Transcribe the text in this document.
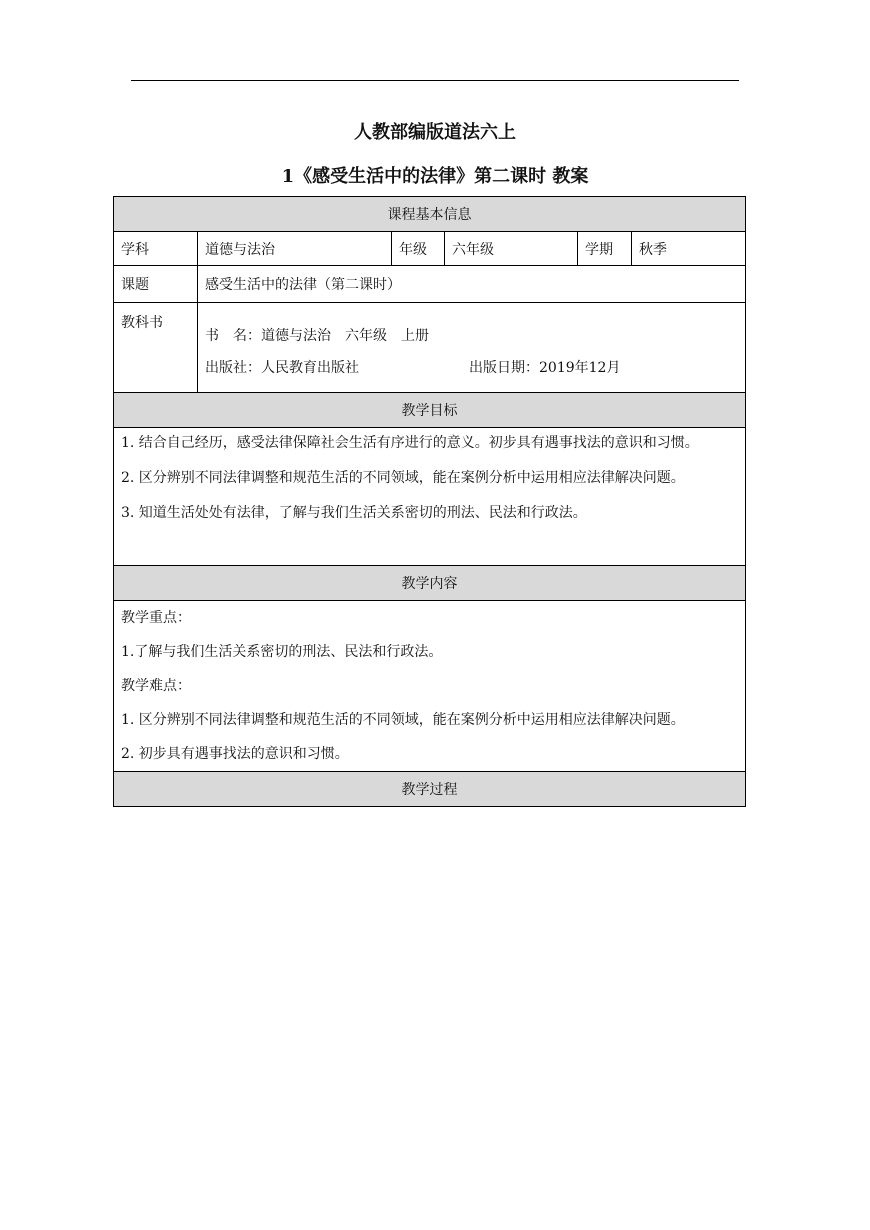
人教部编版道法六上
1《感受生活中的法律》第二课时 教案
课程基本信息					
学科	道德与法治	年级	六年级	学期	秋季
课题	感受生活中的法律（第二课时）				
教科书	书　名：道德与法治　六年级　上册
出版社：人民教育出版社 出版日期：2019年12月				

教学目标					

1. 结合自己经历，感受法律保障社会生活有序进行的意义。初步具有遇事找法的意识和习惯。
2. 区分辨别不同法律调整和规范生活的不同领域，能在案例分析中运用相应法律解决问题。
3. 知道生活处处有法律，了解与我们生活关系密切的刑法、民法和行政法。					

教学内容					

教学重点：
1.了解与我们生活关系密切的刑法、民法和行政法。
教学难点：
1. 区分辨别不同法律调整和规范生活的不同领域，能在案例分析中运用相应法律解决问题。
2. 初步具有遇事找法的意识和习惯。					

教学过程					
